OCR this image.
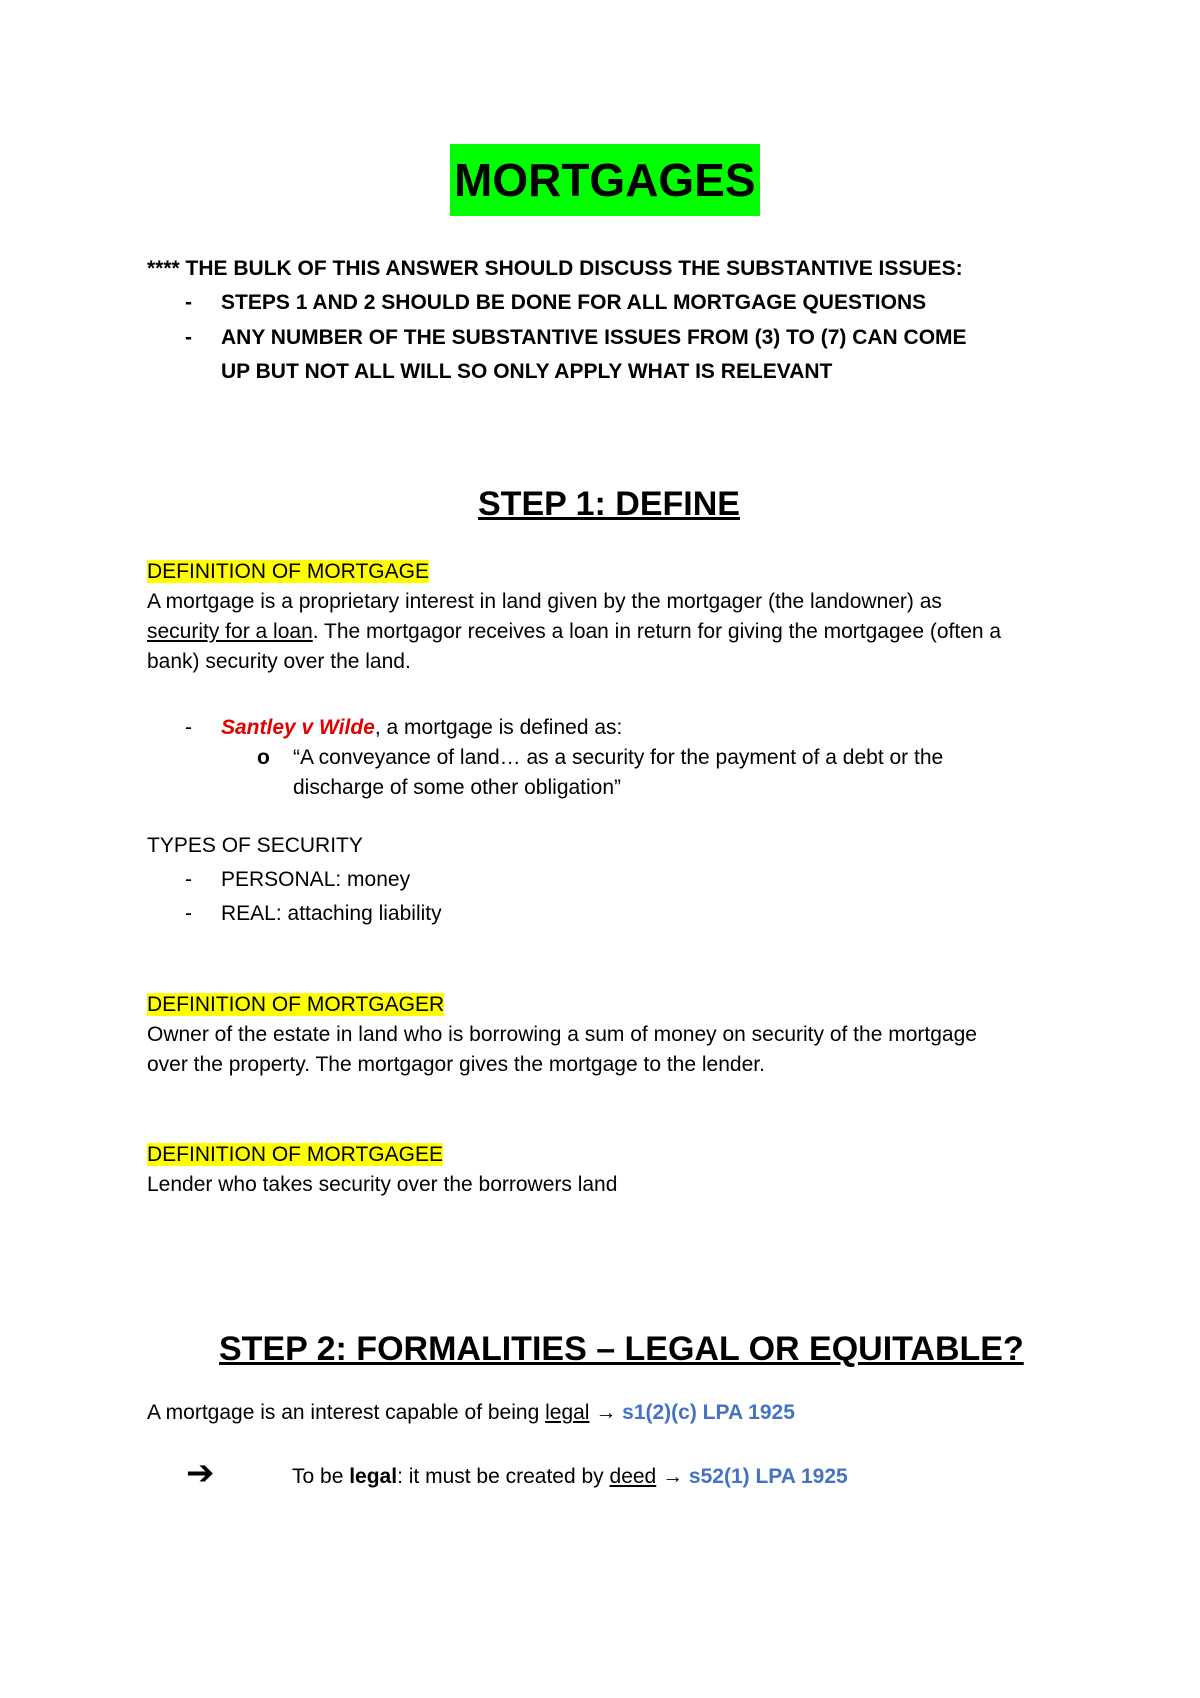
MORTGAGES
**** THE BULK OF THIS ANSWER SHOULD DISCUSS THE SUBSTANTIVE ISSUES:
- STEPS 1 AND 2 SHOULD BE DONE FOR ALL MORTGAGE QUESTIONS
- ANY NUMBER OF THE SUBSTANTIVE ISSUES FROM (3) TO (7) CAN COME
UP BUT NOT ALL WILL SO ONLY APPLY WHAT IS RELEVANT
STEP 1: DEFINE
DEFINITION OF MORTGAGE
A mortgage is a proprietary interest in land given by the mortgager (the landowner) as
security for a loan. The mortgagor receives a loan in return for giving the mortgagee (often a
bank) security over the land.
- Santley v Wilde, a mortgage is defined as:
o “A conveyance of land… as a security for the payment of a debt or the
discharge of some other obligation”
TYPES OF SECURITY
- PERSONAL: money
- REAL: attaching liability
DEFINITION OF MORTGAGER
Owner of the estate in land who is borrowing a sum of money on security of the mortgage
over the property. The mortgagor gives the mortgage to the lender.
DEFINITION OF MORTGAGEE
Lender who takes security over the borrowers land
STEP 2: FORMALITIES – LEGAL OR EQUITABLE?
A mortgage is an interest capable of being legal → s1(2)(c) LPA 1925
➔	To be legal: it must be created by deed → s52(1) LPA 1925
